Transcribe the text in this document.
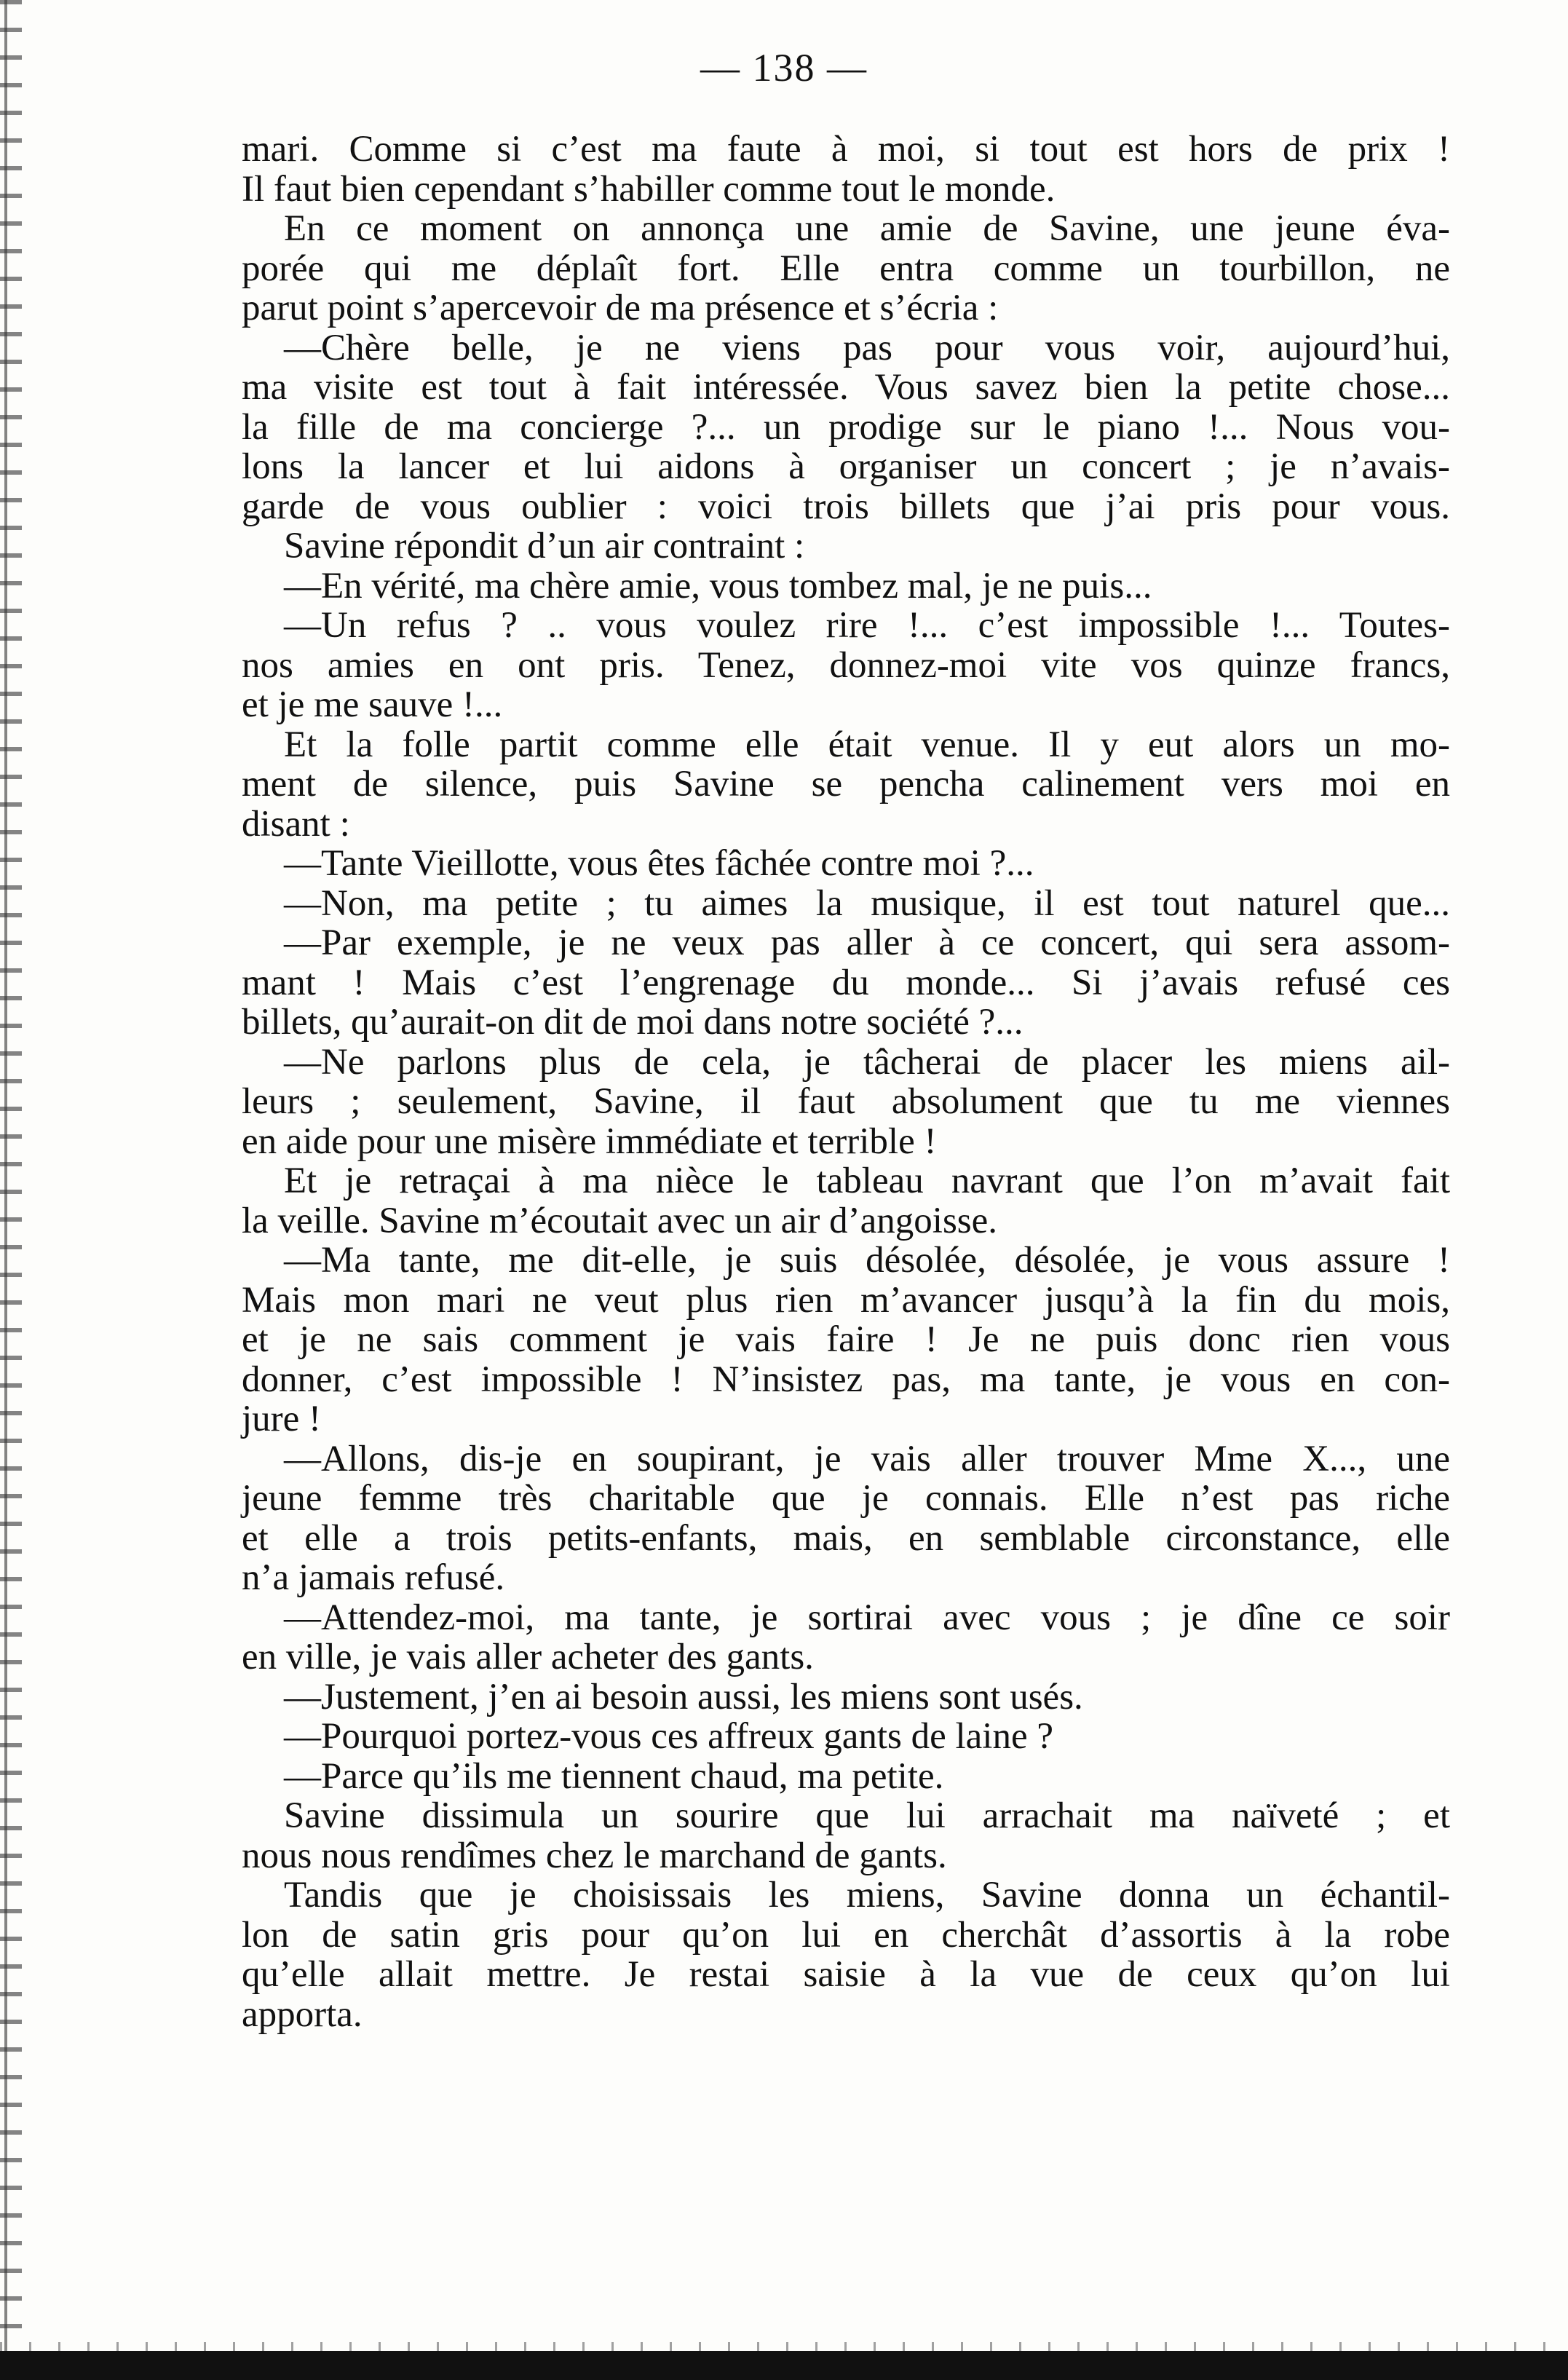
— 138 —
mari. Comme si c’est ma faute à moi, si tout est hors de prix !
Il faut bien cependant s’habiller comme tout le monde.
En ce moment on annonça une amie de Savine, une jeune éva-
porée qui me déplaît fort. Elle entra comme un tourbillon, ne
parut point s’apercevoir de ma présence et s’écria :
—Chère belle, je ne viens pas pour vous voir, aujourd’hui,
ma visite est tout à fait intéressée. Vous savez bien la petite chose...
la fille de ma concierge ?... un prodige sur le piano !... Nous vou-
lons la lancer et lui aidons à organiser un concert ; je n’avais-
garde de vous oublier : voici trois billets que j’ai pris pour vous.
Savine répondit d’un air contraint :
—En vérité, ma chère amie, vous tombez mal, je ne puis...
—Un refus ? .. vous voulez rire !... c’est impossible !... Toutes-
nos amies en ont pris. Tenez, donnez-moi vite vos quinze francs,
et je me sauve !...
Et la folle partit comme elle était venue. Il y eut alors un mo-
ment de silence, puis Savine se pencha calinement vers moi en
disant :
—Tante Vieillotte, vous êtes fâchée contre moi ?...
—Non, ma petite ; tu aimes la musique, il est tout naturel que...
—Par exemple, je ne veux pas aller à ce concert, qui sera assom-
mant ! Mais c’est l’engrenage du monde... Si j’avais refusé ces
billets, qu’aurait-on dit de moi dans notre société ?...
—Ne parlons plus de cela, je tâcherai de placer les miens ail-
leurs ; seulement, Savine, il faut absolument que tu me viennes
en aide pour une misère immédiate et terrible !
Et je retraçai à ma nièce le tableau navrant que l’on m’avait fait
la veille. Savine m’écoutait avec un air d’angoisse.
—Ma tante, me dit-elle, je suis désolée, désolée, je vous assure !
Mais mon mari ne veut plus rien m’avancer jusqu’à la fin du mois,
et je ne sais comment je vais faire ! Je ne puis donc rien vous
donner, c’est impossible ! N’insistez pas, ma tante, je vous en con-
jure !
—Allons, dis-je en soupirant, je vais aller trouver Mme X..., une
jeune femme très charitable que je connais. Elle n’est pas riche
et elle a trois petits-enfants, mais, en semblable circonstance, elle
n’a jamais refusé.
—Attendez-moi, ma tante, je sortirai avec vous ; je dîne ce soir
en ville, je vais aller acheter des gants.
—Justement, j’en ai besoin aussi, les miens sont usés.
—Pourquoi portez-vous ces affreux gants de laine ?
—Parce qu’ils me tiennent chaud, ma petite.
Savine dissimula un sourire que lui arrachait ma naïveté ; et
nous nous rendîmes chez le marchand de gants.
Tandis que je choisissais les miens, Savine donna un échantil-
lon de satin gris pour qu’on lui en cherchât d’assortis à la robe
qu’elle allait mettre. Je restai saisie à la vue de ceux qu’on lui
apporta.
